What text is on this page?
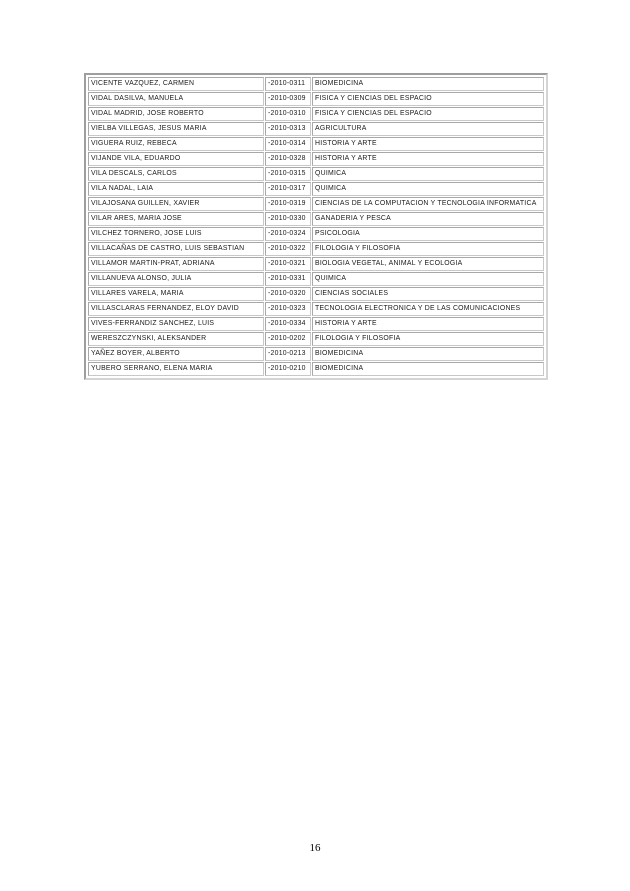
VICENTE VAZQUEZ, CARMEN	-2010-0311	BIOMEDICINA
VIDAL DASILVA, MANUELA	-2010-0309	FISICA Y CIENCIAS DEL ESPACIO
VIDAL MADRID, JOSE ROBERTO	-2010-0310	FISICA Y CIENCIAS DEL ESPACIO
VIELBA VILLEGAS, JESUS MARIA	-2010-0313	AGRICULTURA
VIGUERA RUIZ, REBECA	-2010-0314	HISTORIA Y ARTE
VIJANDE VILA, EDUARDO	-2010-0328	HISTORIA Y ARTE
VILA DESCALS, CARLOS	-2010-0315	QUIMICA
VILA NADAL, LAIA	-2010-0317	QUIMICA
VILAJOSANA GUILLEN, XAVIER	-2010-0319	CIENCIAS DE LA COMPUTACION Y TECNOLOGIA INFORMATICA
VILAR ARES, MARIA JOSE	-2010-0330	GANADERIA Y PESCA
VILCHEZ TORNERO, JOSE LUIS	-2010-0324	PSICOLOGIA
VILLACAÑAS DE CASTRO, LUIS SEBASTIAN	-2010-0322	FILOLOGIA Y FILOSOFIA
VILLAMOR MARTIN-PRAT, ADRIANA	-2010-0321	BIOLOGIA VEGETAL, ANIMAL Y ECOLOGIA
VILLANUEVA ALONSO, JULIA	-2010-0331	QUIMICA
VILLARES VARELA, MARIA	-2010-0320	CIENCIAS SOCIALES
VILLASCLARAS FERNANDEZ, ELOY DAVID	-2010-0323	TECNOLOGIA ELECTRONICA Y DE LAS COMUNICACIONES
VIVES-FERRANDIZ SANCHEZ, LUIS	-2010-0334	HISTORIA Y ARTE
WERESZCZYNSKI, ALEKSANDER	-2010-0202	FILOLOGIA Y FILOSOFIA
YAÑEZ BOYER, ALBERTO	-2010-0213	BIOMEDICINA
YUBERO SERRANO, ELENA MARIA	-2010-0210	BIOMEDICINA
16
